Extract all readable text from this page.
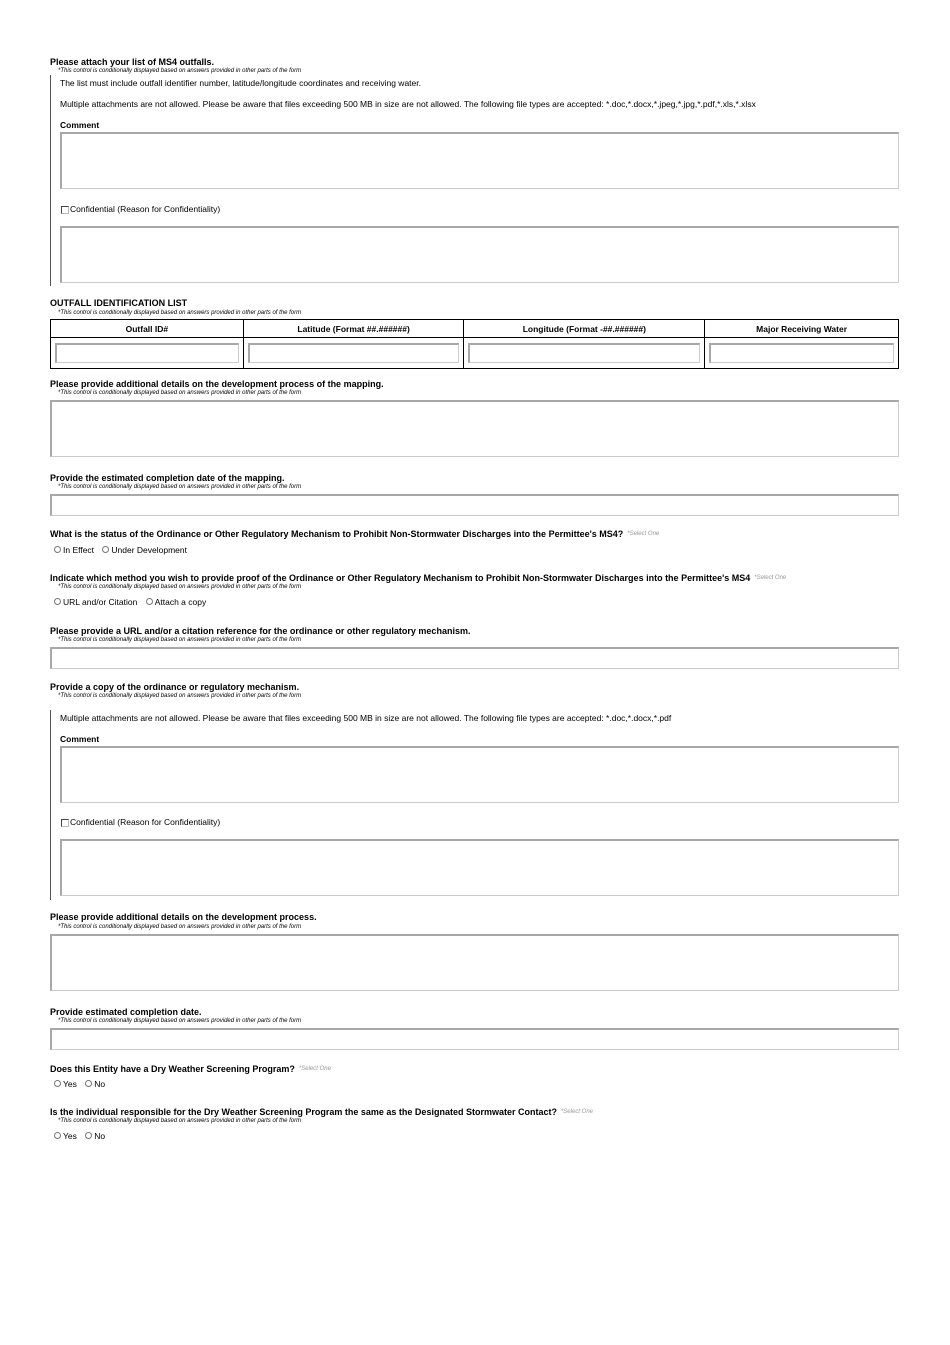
Please attach your list of MS4 outfalls.
*This control is conditionally displayed based on answers provided in other parts of the form
The list must include outfall identifier number, latitude/longitude coordinates and receiving water.
Multiple attachments are not allowed. Please be aware that files exceeding 500 MB in size are not allowed. The following file types are accepted: *.doc,*.docx,*.jpeg,*.jpg,*.pdf,*.xls,*.xlsx
Comment
Confidential (Reason for Confidentiality)
OUTFALL IDENTIFICATION LIST
*This control is conditionally displayed based on answers provided in other parts of the form
Outfall ID#	Latitude (Format ##.######)	Longitude (Format -##.######)	Major Receiving Water

Please provide additional details on the development process of the mapping.
*This control is conditionally displayed based on answers provided in other parts of the form
Provide the estimated completion date of the mapping.
*This control is conditionally displayed based on answers provided in other parts of the form
What is the status of the Ordinance or Other Regulatory Mechanism to Prohibit Non-Stormwater Discharges into the Permittee's MS4? $^{*Select One}$
In Effect Under Development
Indicate which method you wish to provide proof of the Ordinance or Other Regulatory Mechanism to Prohibit Non-Stormwater Discharges into the Permittee's MS4 $^{*Select One}$
*This control is conditionally displayed based on answers provided in other parts of the form
URL and/or Citation Attach a copy
Please provide a URL and/or a citation reference for the ordinance or other regulatory mechanism.
*This control is conditionally displayed based on answers provided in other parts of the form
Provide a copy of the ordinance or regulatory mechanism.
*This control is conditionally displayed based on answers provided in other parts of the form
Multiple attachments are not allowed. Please be aware that files exceeding 500 MB in size are not allowed. The following file types are accepted: *.doc,*.docx,*.pdf
Comment
Confidential (Reason for Confidentiality)
Please provide additional details on the development process.
*This control is conditionally displayed based on answers provided in other parts of the form
Provide estimated completion date.
*This control is conditionally displayed based on answers provided in other parts of the form
Does this Entity have a Dry Weather Screening Program? $^{*Select One}$
Yes No
Is the individual responsible for the Dry Weather Screening Program the same as the Designated Stormwater Contact? $^{*Select One}$
*This control is conditionally displayed based on answers provided in other parts of the form
Yes No
